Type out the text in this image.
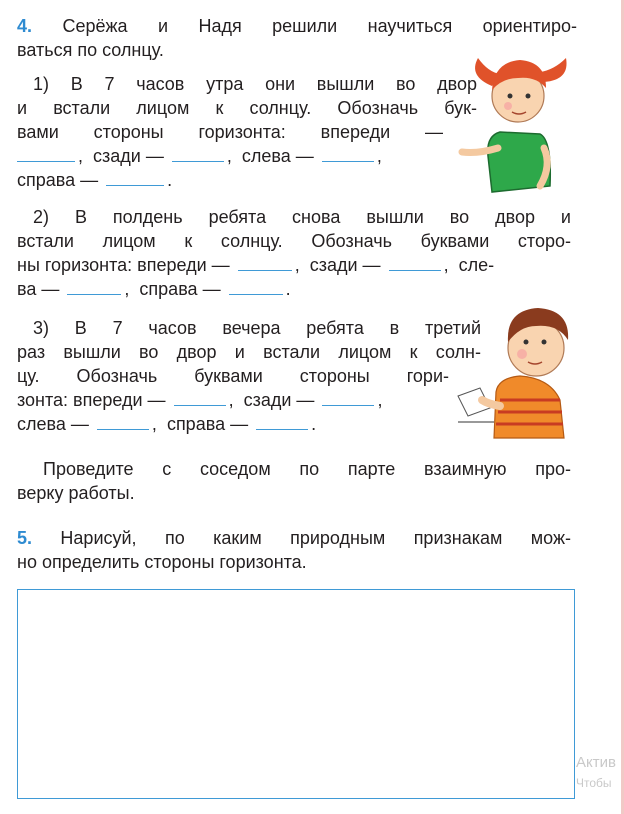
4. Серёжа и Надя решили научиться ориентиро-

ваться по солнцу.

1) В 7 часов утра они вышли во двор

и встали лицом к солнцу. Обозначь бук-

вами стороны горизонта: впереди —

, сзади —	, слева —	,

справа —	.

2) В полдень ребята снова вышли во двор и

встали лицом к солнцу. Обозначь буквами сторо-

ны горизонта: впереди —	, сзади —	, сле-

ва —	, справа —	.

3) В 7 часов вечера ребята в третий

раз вышли во двор и встали лицом к солн-

цу. Обозначь буквами стороны гори-

зонта: впереди —	, сзади —	,

слева —	, справа —	.

Проведите с соседом по парте взаимную про-

верку работы.

5. Нарисуй, по каким природным признакам мож-

но определить стороны горизонта.

Актив
Чтобы
